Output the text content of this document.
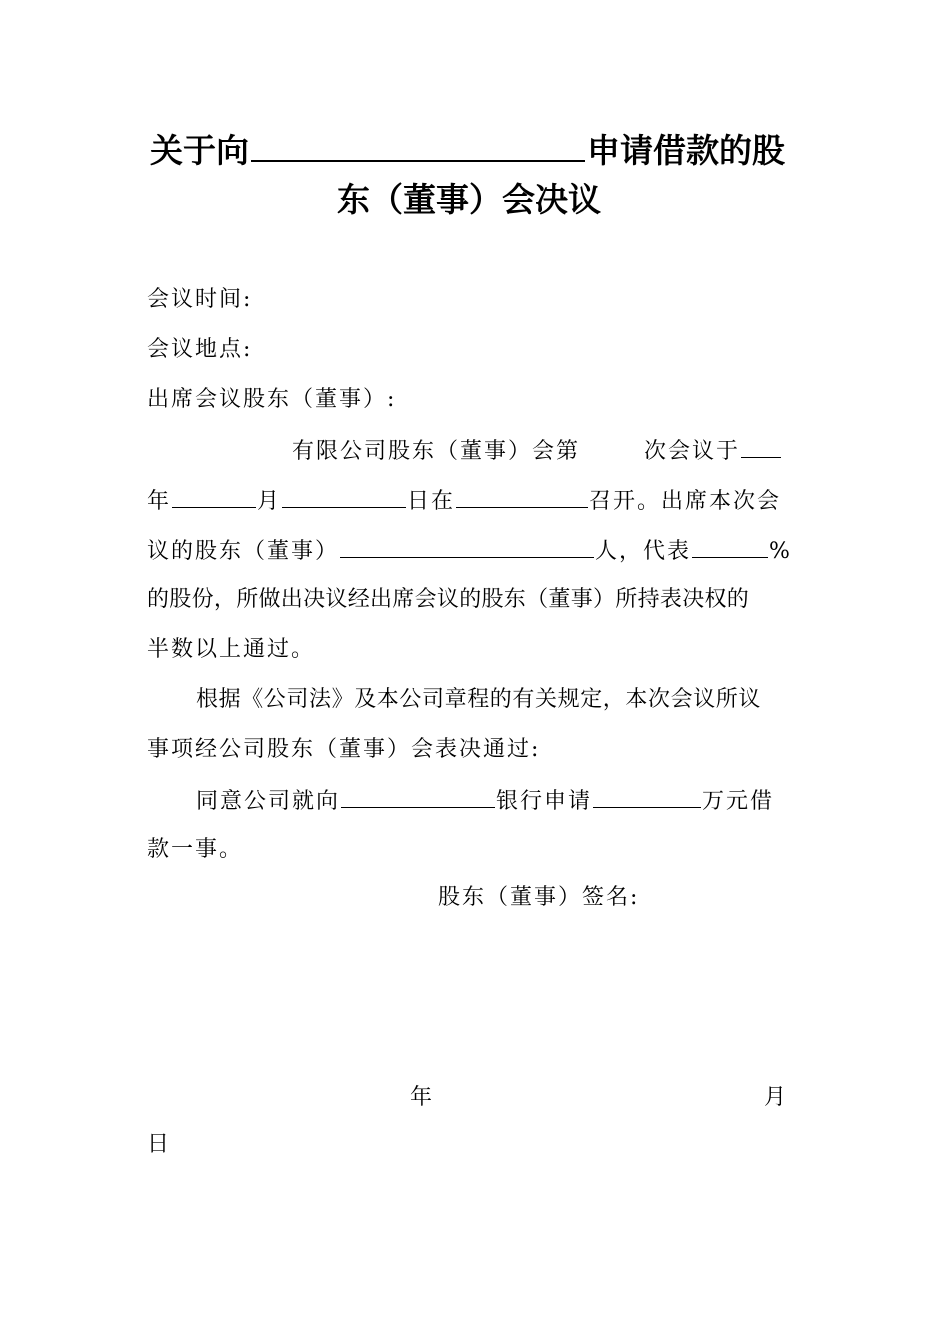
关于向	申请借款的股
东（董事）会决议
会议时间:
会议地点:
出席会议股东（董事）:
有限公司股东（董事）会第	次会议于
年	月	日在	召开。出席本次会
议的股东（董事）	人，代表	%
的股份，所做出决议经出席会议的股东（董事）所持表决权的
半数以上通过。
根据《公司法》及本公司章程的有关规定，本次会议所议
事项经公司股东（董事）会表决通过:
同意公司就向	银行申请	万元借
款一事。
股东（董事）签名:
年	月
日
